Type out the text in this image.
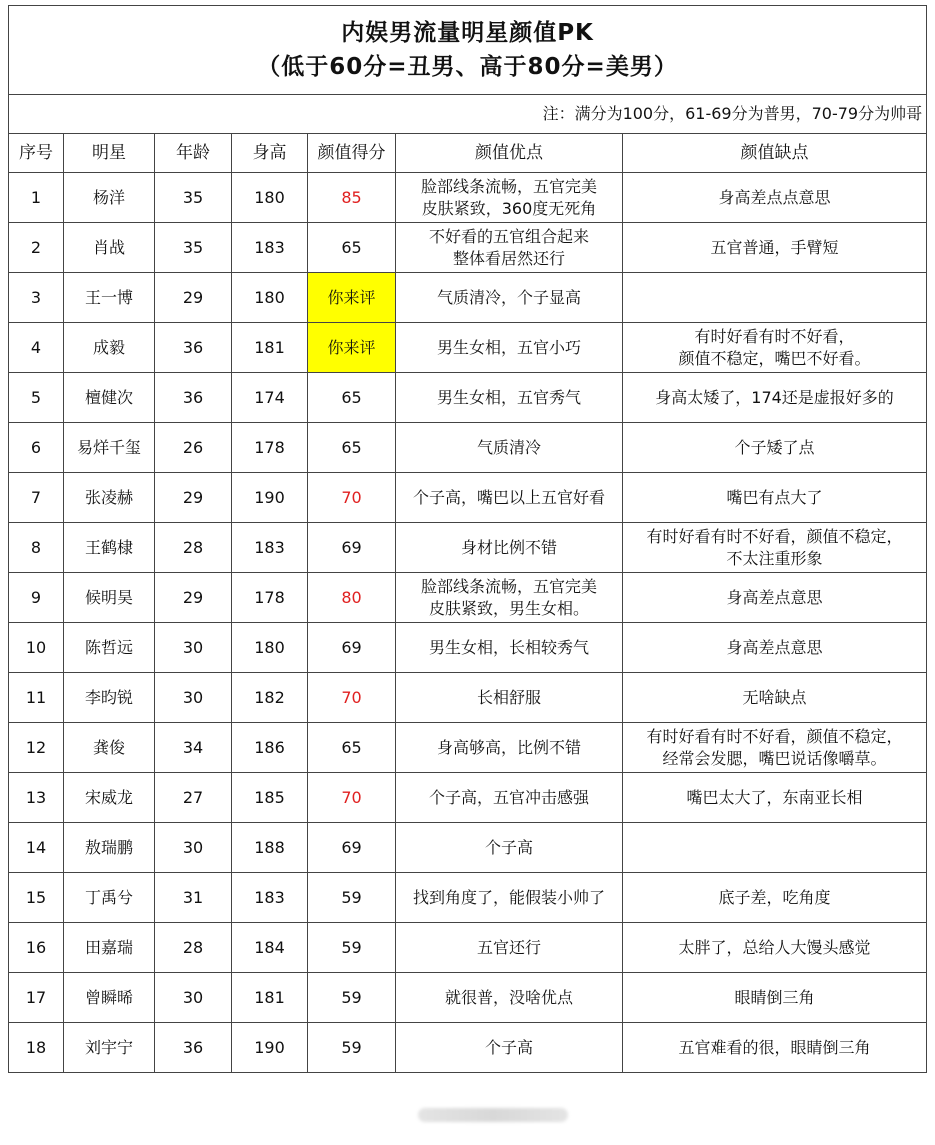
内娱男流量明星颜值PK
（低于60分=丑男、高于80分=美男）						

注：满分为100分，61-69分为普男，70-79分为帅哥						
序号	明星	年龄	身高	颜值得分	颜值优点	颜值缺点
1	杨洋	35	180	85	脸部线条流畅，五官完美
皮肤紧致，360度无死角	身高差点点意思
2	肖战	35	183	65	不好看的五官组合起来
整体看居然还行	五官普通，手臂短
3	王一博	29	180	你来评	气质清冷，个子显高	
4	成毅	36	181	你来评	男生女相，五官小巧	有时好看有时不好看，
颜值不稳定，嘴巴不好看。
5	檀健次	36	174	65	男生女相，五官秀气	身高太矮了，174还是虚报好多的
6	易烊千玺	26	178	65	气质清冷	个子矮了点
7	张凌赫	29	190	70	个子高，嘴巴以上五官好看	嘴巴有点大了
8	王鹤棣	28	183	69	身材比例不错	有时好看有时不好看，颜值不稳定，
不太注重形象
9	候明昊	29	178	80	脸部线条流畅，五官完美
皮肤紧致，男生女相。	身高差点意思
10	陈哲远	30	180	69	男生女相，长相较秀气	身高差点意思
11	李昀锐	30	182	70	长相舒服	无啥缺点
12	龚俊	34	186	65	身高够高，比例不错	有时好看有时不好看，颜值不稳定，
经常会发腮，嘴巴说话像嚼草。
13	宋威龙	27	185	70	个子高，五官冲击感强	嘴巴太大了，东南亚长相
14	敖瑞鹏	30	188	69	个子高	
15	丁禹兮	31	183	59	找到角度了，能假装小帅了	底子差，吃角度
16	田嘉瑞	28	184	59	五官还行	太胖了，总给人大馒头感觉
17	曾瞬晞	30	181	59	就很普，没啥优点	眼睛倒三角
18	刘宇宁	36	190	59	个子高	五官难看的很，眼睛倒三角
